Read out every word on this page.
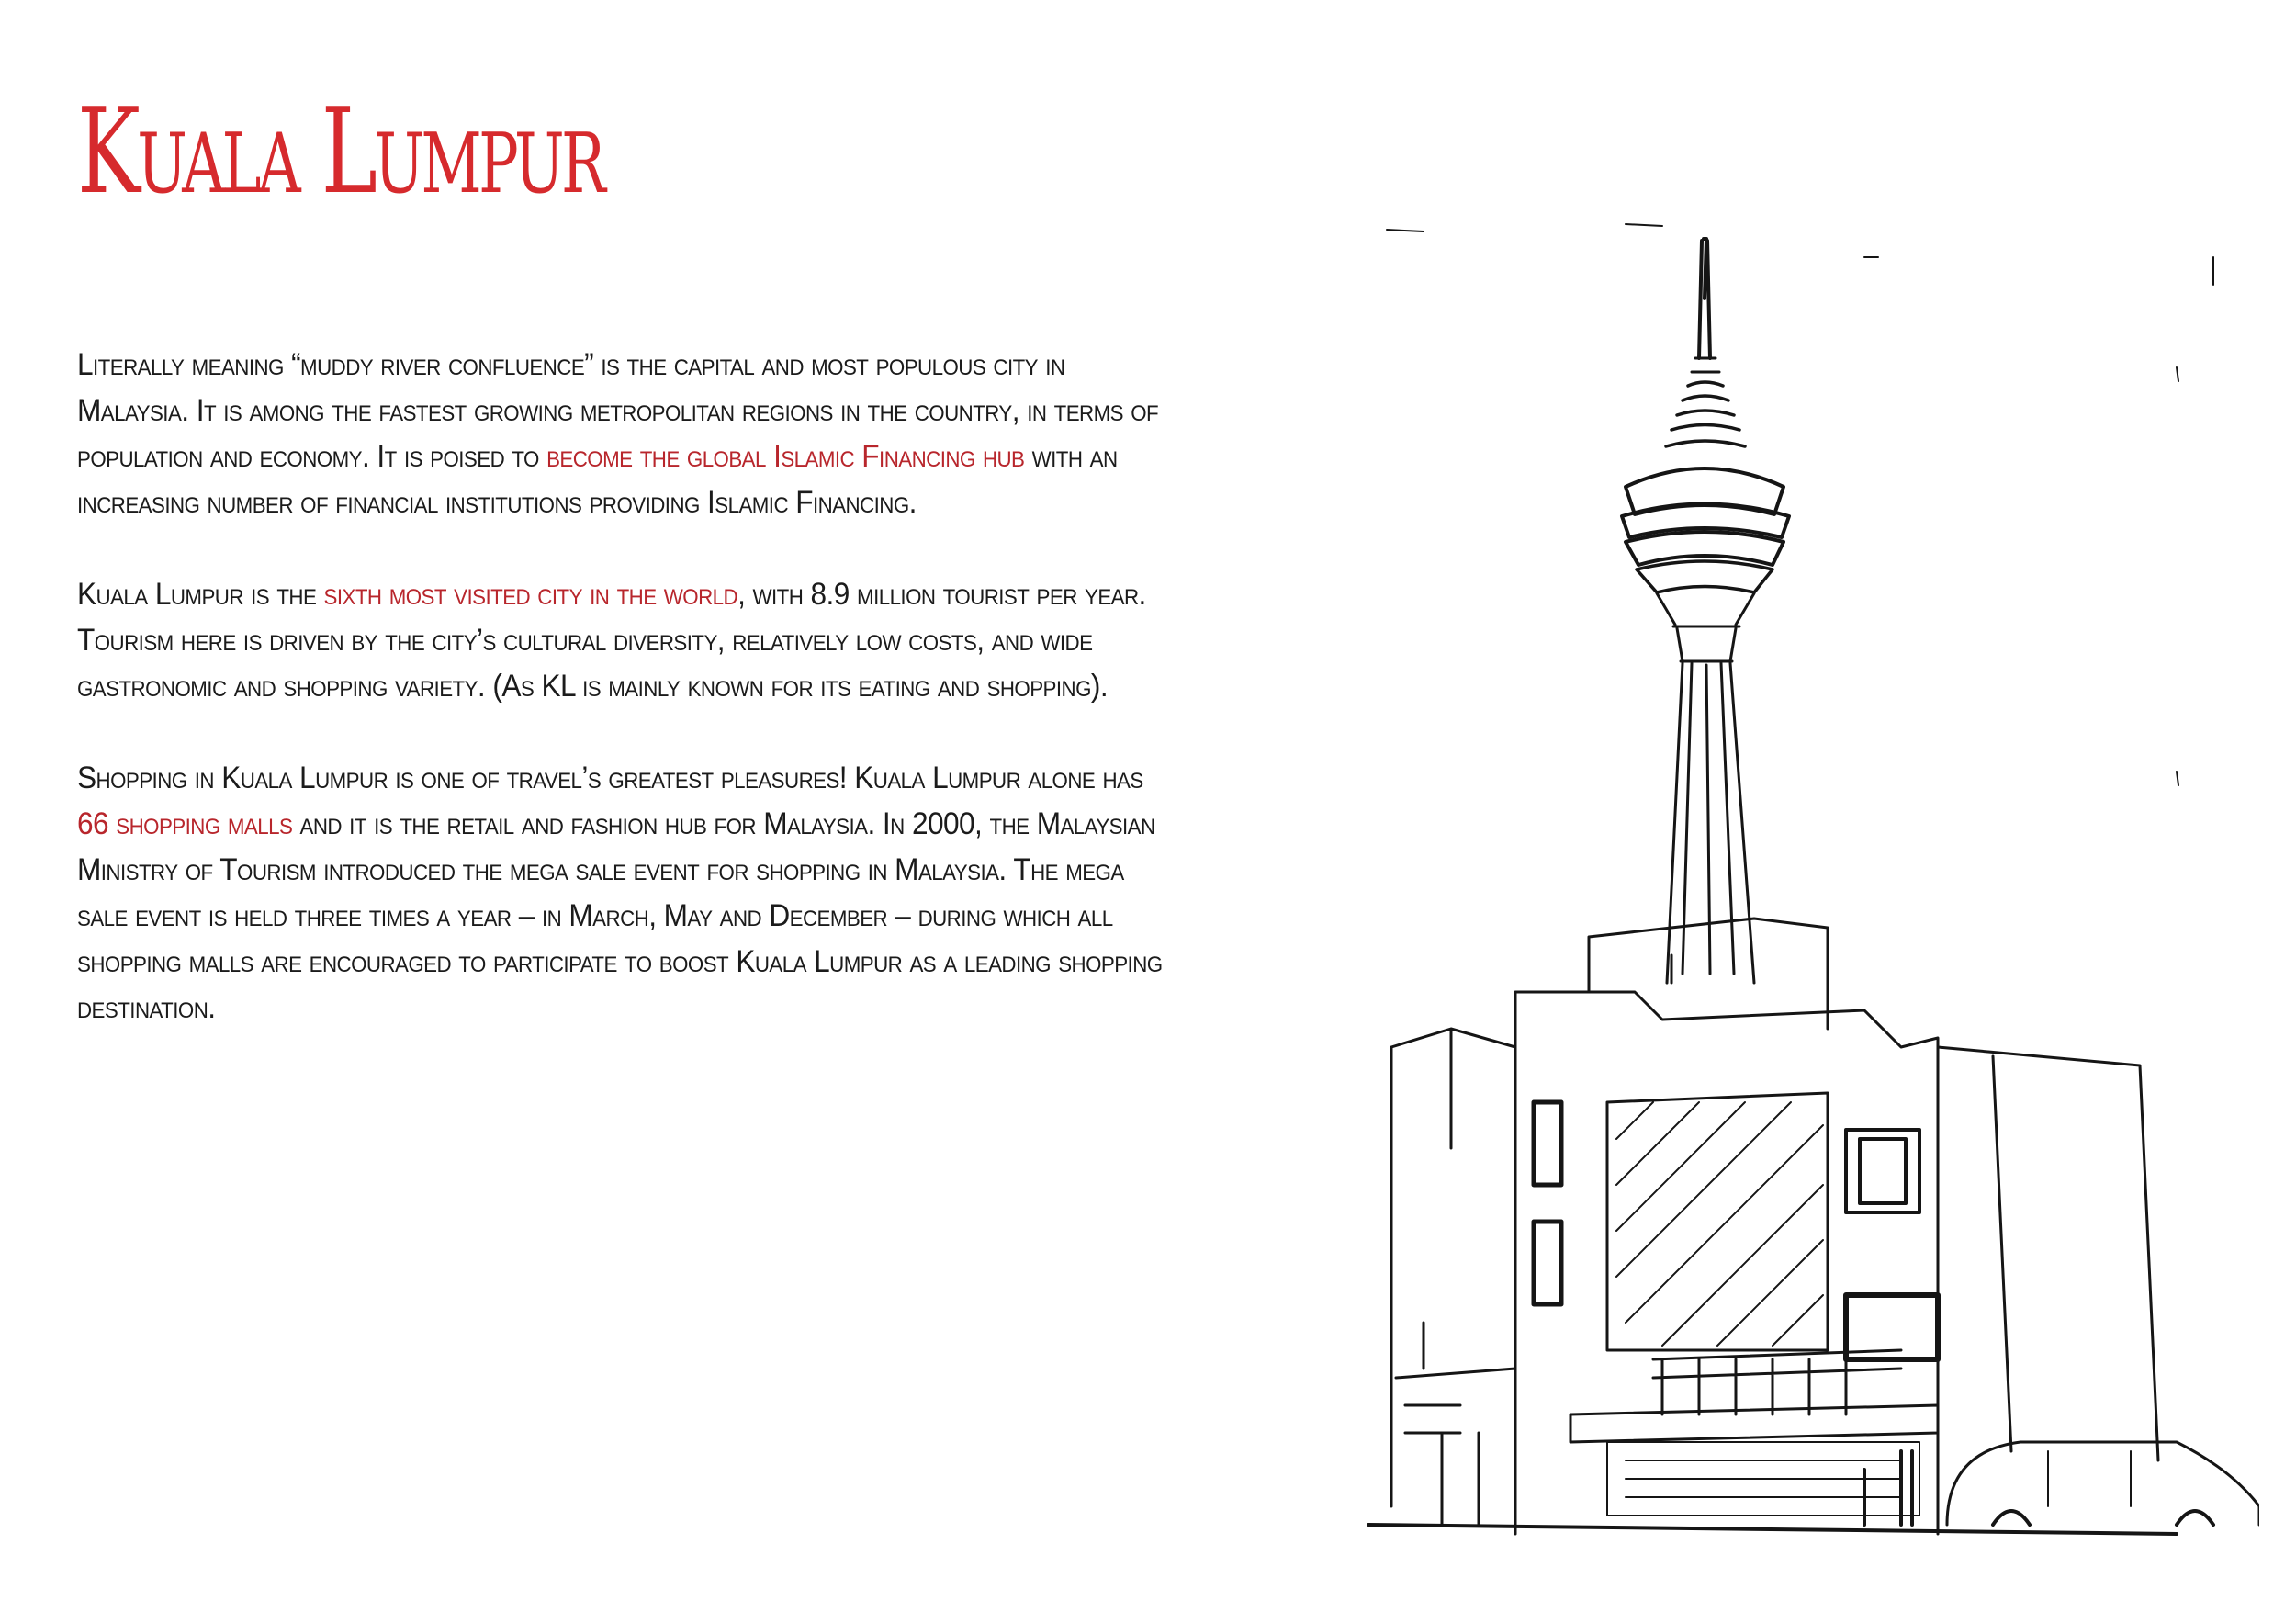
Kuala Lumpur

Literally meaning “muddy river confluence” is the capital and most populous city in Malaysia. It is among the fastest growing metropolitan regions in the country, in terms of population and economy. It is poised to become the global Islamic Financing hub with an increasing number of financial institutions providing Islamic Financing.

Kuala Lumpur is the sixth most visited city in the world, with 8.9 million tourist per year. Tourism here is driven by the city’s cultural diversity, relatively low costs, and wide gastronomic and shopping variety. (As KL is mainly known for its eating and shopping).

Shopping in Kuala Lumpur is one of travel’s greatest pleasures! Kuala Lumpur alone has 66 shopping malls and it is the retail and fashion hub for Malaysia. In 2000, the Malaysian Ministry of Tourism introduced the mega sale event for shopping in Malaysia. The mega sale event is held three times a year – in March, May and December – during which all shopping malls are encouraged to participate to boost Kuala Lumpur as a leading shopping destination.
